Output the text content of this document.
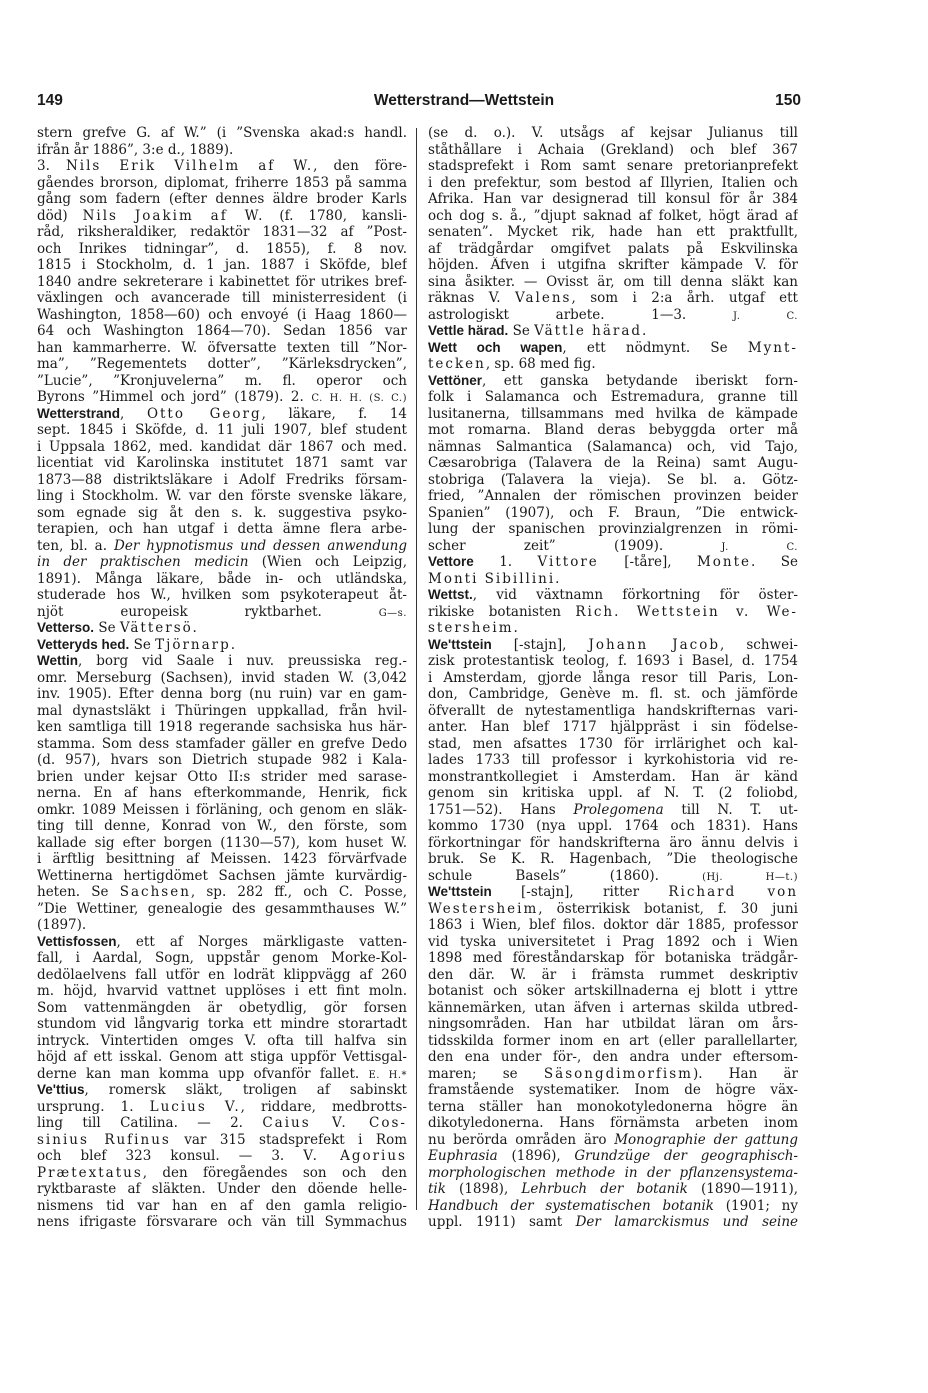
149	Wetterstrand—Wettstein	150
stern grefve G. af W.” (i ”Svenska akad:s handl.
ifrån år 1886”, 3:e d., 1889).
3. Nils Erik Vilhelm af W., den före-
gåendes brorson, diplomat, friherre 1853 på samma
gång som fadern (efter dennes äldre broder Karls
död) Nils Joakim af W. (f. 1780, kansli-
råd, riksheraldiker, redaktör 1831—32 af ”Post-
och Inrikes tidningar”, d. 1855), f. 8 nov.
1815 i Stockholm, d. 1 jan. 1887 i Sköfde, blef
1840 andre sekreterare i kabinettet för utrikes bref-
växlingen och avancerade till ministerresident (i
Washington, 1858—60) och envoyé (i Haag 1860—
64 och Washington 1864—70). Sedan 1856 var
han kammarherre. W. öfversatte texten till ”Nor-
ma”, ”Regementets dotter”, ”Kärleksdrycken”,
”Lucie”, ”Kronjuvelerna” m. fl. operor och
Byrons ”Himmel och jord” (1879). 2. C. H. H. (S. C.)
Wetterstrand, Otto Georg, läkare, f. 14
sept. 1845 i Sköfde, d. 11 juli 1907, blef student
i Uppsala 1862, med. kandidat där 1867 och med.
licentiat vid Karolinska institutet 1871 samt var
1873—88 distriktsläkare i Adolf Fredriks försam-
ling i Stockholm. W. var den förste svenske läkare,
som egnade sig åt den s. k. suggestiva psyko-
terapien, och han utgaf i detta ämne flera arbe-
ten, bl. a. Der hypnotismus und dessen anwendung
in der praktischen medicin (Wien och Leipzig,
1891). Många läkare, både in- och utländska,
studerade hos W., hvilken som psykoterapeut åt-
njöt europeisk ryktbarhet. G—s.
Vetterso. Se Vättersö.
Vetteryds hed. Se Tjörnarp.
Wettin, borg vid Saale i nuv. preussiska reg.-
omr. Merseburg (Sachsen), invid staden W. (3,042
inv. 1905). Efter denna borg (nu ruin) var en gam-
mal dynastsläkt i Thüringen uppkallad, från hvil-
ken samtliga till 1918 regerande sachsiska hus här-
stamma. Som dess stamfader gäller en grefve Dedo
(d. 957), hvars son Dietrich stupade 982 i Kala-
brien under kejsar Otto II:s strider med sarase-
nerna. En af hans efterkommande, Henrik, fick
omkr. 1089 Meissen i förläning, och genom en släk-
ting till denne, Konrad von W., den förste, som
kallade sig efter borgen (1130—57), kom huset W.
i ärftlig besittning af Meissen. 1423 förvärfvade
Wettinerna hertigdömet Sachsen jämte kurvärdig-
heten. Se Sachsen, sp. 282 ff., och C. Posse,
”Die Wettiner, genealogie des gesammthauses W.”
(1897).
Vettisfossen, ett af Norges märkligaste vatten-
fall, i Aardal, Sogn, uppstår genom Morke-Kol-
dedölaelvens fall utför en lodrät klippvägg af 260
m. höjd, hvarvid vattnet upplöses i ett fint moln.
Som vattenmängden är obetydlig, gör forsen
stundom vid långvarig torka ett mindre storartadt
intryck. Vintertiden omges V. ofta till halfva sin
höjd af ett isskal. Genom att stiga uppför Vettisgal-
derne kan man komma upp ofvanför fallet. E. H.*
Ve'ttius, romersk släkt, troligen af sabinskt
ursprung. 1. Lucius V., riddare, medbrotts-
ling till Catilina. — 2. Caius V. Cos-
sinius Rufinus var 315 stadsprefekt i Rom
och blef 323 konsul. — 3. V. Agorius
Prætextatus, den föregåendes son och den
ryktbaraste af släkten. Under den döende helle-
nismens tid var han en af den gamla religio-
nens ifrigaste försvarare och vän till Symmachus
(se d. o.). V. utsågs af kejsar Julianus till
ståthållare i Achaia (Grekland) och blef 367
stadsprefekt i Rom samt senare pretorianprefekt
i den prefektur, som bestod af Illyrien, Italien och
Afrika. Han var designerad till konsul för år 384
och dog s. å., ”djupt saknad af folket, högt ärad af
senaten”. Mycket rik, hade han ett praktfullt,
af trädgårdar omgifvet palats på Eskvilinska
höjden. Äfven i utgifna skrifter kämpade V. för
sina åsikter. — Ovisst är, om till denna släkt kan
räknas V. Valens, som i 2:a årh. utgaf ett
astrologiskt arbete. 1—3. J. C.
Vettle härad. Se Vättle härad.
Wett och wapen, ett nödmynt. Se Mynt-
tecken, sp. 68 med fig.
Vettöner, ett ganska betydande iberiskt forn-
folk i Salamanca och Estremadura, granne till
lusitanerna, tillsammans med hvilka de kämpade
mot romarna. Bland deras bebyggda orter må
nämnas Salmantica (Salamanca) och, vid Tajo,
Cæsarobriga (Talavera de la Reina) samt Augu-
stobriga (Talavera la vieja). Se bl. a. Götz-
fried, ”Annalen der römischen provinzen beider
Spanien” (1907), och F. Braun, ”Die entwick-
lung der spanischen provinzialgrenzen in römi-
scher zeit” (1909). J. C.
Vettore 1. Vittore [-tåre], Monte. Se
Monti Sibillini.
Wettst., vid växtnamn förkortning för öster-
rikiske botanisten Rich. Wettstein v. We-
stersheim.
We'ttstein [-stajn], Johann Jacob, schwei-
zisk protestantisk teolog, f. 1693 i Basel, d. 1754
i Amsterdam, gjorde långa resor till Paris, Lon-
don, Cambridge, Genève m. fl. st. och jämförde
öfverallt de nytestamentliga handskrifternas vari-
anter. Han blef 1717 hjälppräst i sin födelse-
stad, men afsattes 1730 för irrlärighet och kal-
lades 1733 till professor i kyrkohistoria vid re-
monstrantkollegiet i Amsterdam. Han är känd
genom sin kritiska uppl. af N. T. (2 foliobd,
1751—52). Hans Prolegomena till N. T. ut-
kommo 1730 (nya uppl. 1764 och 1831). Hans
förkortningar för handskrifterna äro ännu delvis i
bruk. Se K. R. Hagenbach, ”Die theologische
schule Basels” (1860). (Hj. H—t.)
We'ttstein [-stajn], ritter Richard von
Westersheim, österrikisk botanist, f. 30 juni
1863 i Wien, blef filos. doktor där 1885, professor
vid tyska universitetet i Prag 1892 och i Wien
1898 med föreståndarskap för botaniska trädgår-
den där. W. är i främsta rummet deskriptiv
botanist och söker artskillnaderna ej blott i yttre
kännemärken, utan äfven i arternas skilda utbred-
ningsområden. Han har utbildat läran om års-
tidsskilda former inom en art (eller parallellarter,
den ena under för-, den andra under eftersom-
maren; se Säsongdimorfism). Han är
framstående systematiker. Inom de högre väx-
terna ställer han monokotyledonerna högre än
dikotyledonerna. Hans förnämsta arbeten inom
nu berörda områden äro Monographie der gattung
Euphrasia (1896), Grundzüge der geographisch-
morphologischen methode in der pflanzensystema-
tik (1898), Lehrbuch der botanik (1890—1911),
Handbuch der systematischen botanik (1901; ny
uppl. 1911) samt Der lamarckismus und seine
